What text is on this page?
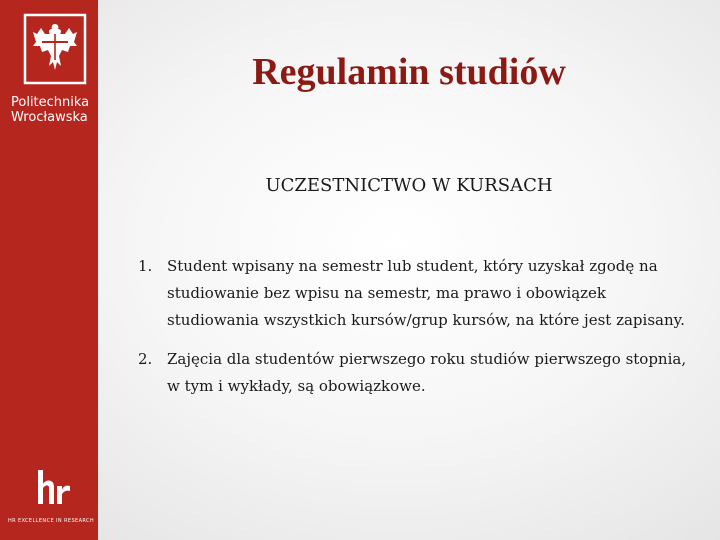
Politechnika
Wrocławska
HR EXCELLENCE IN RESEARCH
Regulamin studiów
UCZESTNICTWO W KURSACH
1. Student wpisany na semestr lub student, który uzyskał zgodę na studiowanie bez wpisu na semestr, ma prawo i obowiązek studiowania wszystkich kursów/grup kursów, na które jest zapisany.
2. Zajęcia dla studentów pierwszego roku studiów pierwszego stopnia, w tym i wykłady, są obowiązkowe.
